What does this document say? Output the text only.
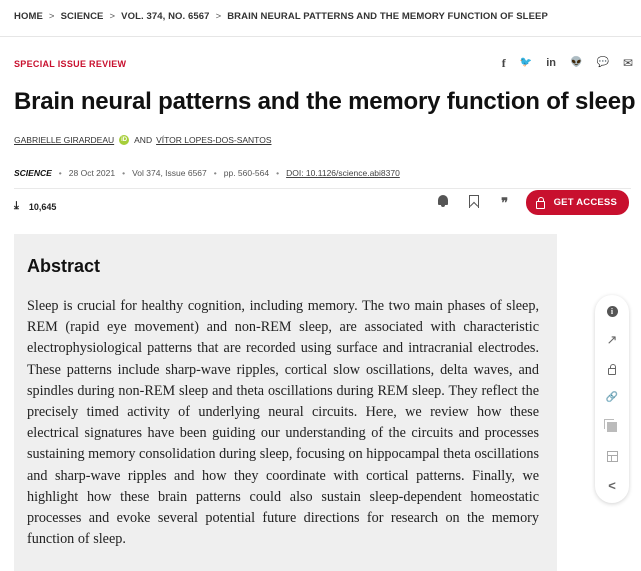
HOME > SCIENCE > VOL. 374, NO. 6567 > BRAIN NEURAL PATTERNS AND THE MEMORY FUNCTION OF SLEEP
SPECIAL ISSUE REVIEW	f 🐦 in 👽 💬 ✉
Brain neural patterns and the memory function of sleep
GABRIELLE GIRARDEAU	iD AND VÍTOR LOPES-DOS-SANTOS
SCIENCE • 28 Oct 2021 • Vol 374, Issue 6567 • pp. 560-564 • DOI: 10.1126/science.abi8370
⤓ 10,645	❞	GET ACCESS
Abstract

Sleep is crucial for healthy cognition, including memory. The two main phases of sleep, REM (rapid eye movement) and non-REM sleep, are associated with characteristic electrophysiological patterns that are recorded using surface and intracranial electrodes. These patterns include sharp-wave ripples, cortical slow oscillations, delta waves, and spindles during non-REM sleep and theta oscillations during REM sleep. They reflect the precisely timed activity of underlying neural circuits. Here, we review how these electrical signatures have been guiding our understanding of the circuits and processes sustaining memory consolidation during sleep, focusing on hippocampal theta oscillations and sharp-wave ripples and how they coordinate with cortical patterns. Finally, we highlight how these brain patterns could also sustain sleep-dependent homeostatic processes and evoke several potential future directions for research on the memory function of sleep.

i
↗
🔗
<
